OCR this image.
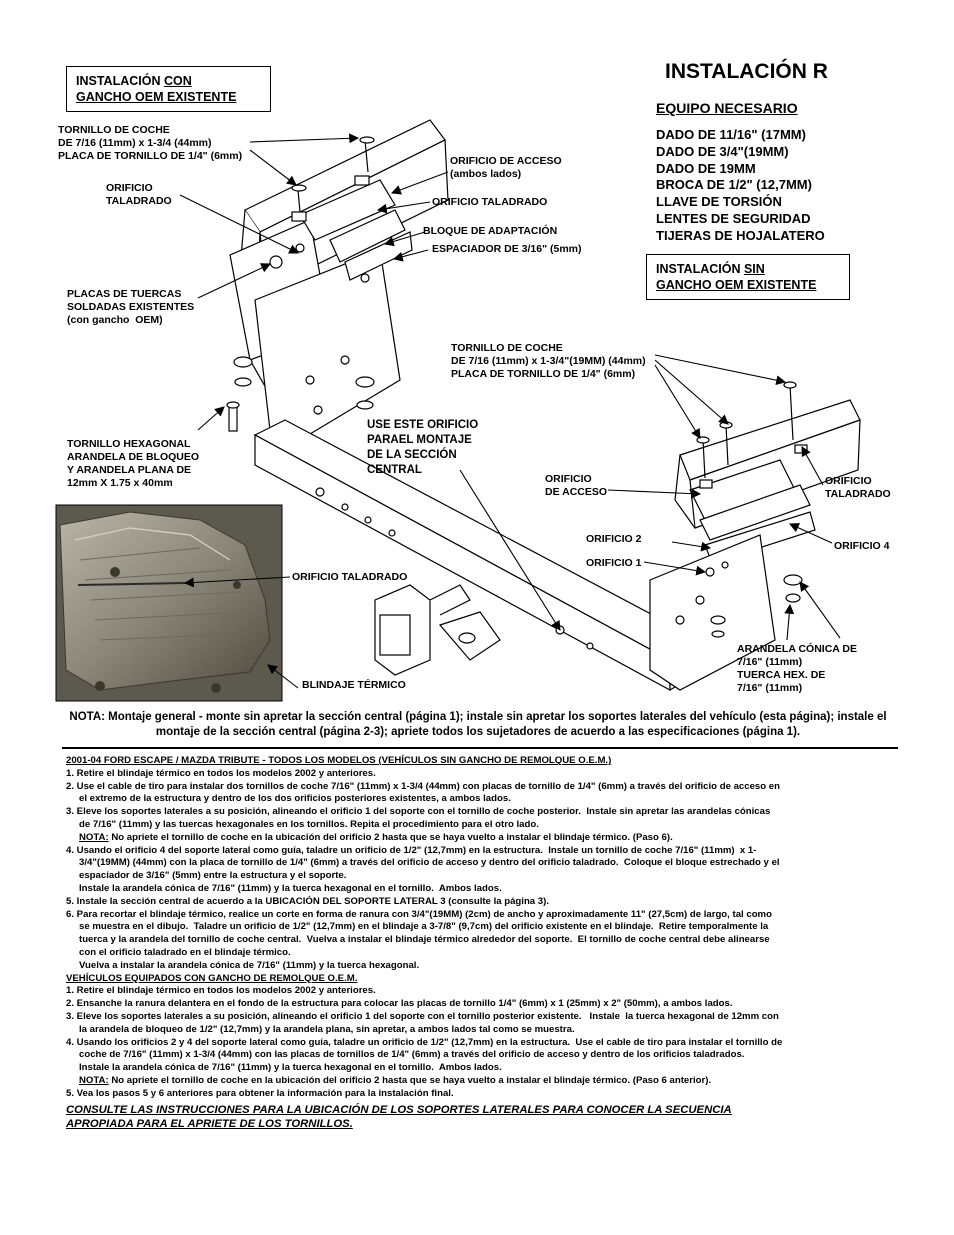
INSTALACIÓN CON
GANCHO OEM EXISTENTE
INSTALACIÓN R
EQUIPO NECESARIO
DADO DE 11/16" (17MM)
DADO DE 3/4"(19MM)
DADO DE 19MM
BROCA DE 1/2" (12,7MM)
LLAVE DE TORSIÓN
LENTES DE SEGURIDAD
TIJERAS DE HOJALATERO
INSTALACIÓN SIN
GANCHO OEM EXISTENTE
TORNILLO DE COCHE
DE 7/16 (11mm) x 1-3/4 (44mm)
PLACA DE TORNILLO DE 1/4" (6mm)	ORIFICIO DE ACCESO
(ambos lados)
ORIFICIO
TALADRADO	ORIFICIO TALADRADO
BLOQUE DE ADAPTACIÓN
ESPACIADOR DE 3/16" (5mm)
PLACAS DE TUERCAS
SOLDADAS EXISTENTES
(con gancho  OEM)
TORNILLO HEXAGONAL
ARANDELA DE BLOQUEO
Y ARANDELA PLANA DE
12mm X 1.75 x 40mm
USE ESTE ORIFICIO
PARAEL MONTAJE
DE LA SECCIÓN
CENTRAL
TORNILLO DE COCHE
DE 7/16 (11mm) x 1-3/4"(19MM) (44mm)
PLACA DE TORNILLO DE 1/4" (6mm)
ORIFICIO
DE ACCESO
ORIFICIO
TALADRADO
ORIFICIO 2
ORIFICIO 1
ORIFICIO 4
ORIFICIO TALADRADO
BLINDAJE TÉRMICO
ARANDELA CÓNICA DE
7/16" (11mm)
TUERCA HEX. DE
7/16" (11mm)
NOTA: Montaje general - monte sin apretar la sección central (página 1); instale sin apretar los soportes laterales del vehículo (esta página); instale el montaje de la sección central (página 2-3); apriete todos los sujetadores de acuerdo a las especificaciones (página 1).
2001-04 FORD ESCAPE / MAZDA TRIBUTE - TODOS LOS MODELOS (VEHÍCULOS SIN GANCHO DE REMOLQUE O.E.M.)
1. Retire el blindaje térmico en todos los modelos 2002 y anteriores.
2. Use el cable de tiro para instalar dos tornillos de coche 7/16" (11mm) x 1-3/4 (44mm) con placas de tornillo de 1/4" (6mm) a través del orificio de acceso en
el extremo de la estructura y dentro de los dos orificios posteriores existentes, a ambos lados.
3. Eleve los soportes laterales a su posición, alineando el orificio 1 del soporte con el tornillo de coche posterior.  Instale sin apretar las arandelas cónicas
de 7/16" (11mm) y las tuercas hexagonales en los tornillos. Repita el procedimiento para el otro lado.
NOTA: No apriete el tornillo de coche en la ubicación del orificio 2 hasta que se haya vuelto a instalar el blindaje térmico. (Paso 6).
4. Usando el orificio 4 del soporte lateral como guía, taladre un orificio de 1/2" (12,7mm) en la estructura.  Instale un tornillo de coche 7/16" (11mm)  x 1-
3/4"(19MM) (44mm) con la placa de tornillo de 1/4" (6mm) a través del orificio de acceso y dentro del orificio taladrado.  Coloque el bloque estrechado y el
espaciador de 3/16" (5mm) entre la estructura y el soporte.
Instale la arandela cónica de 7/16" (11mm) y la tuerca hexagonal en el tornillo.  Ambos lados.
5. Instale la sección central de acuerdo a la UBICACIÓN DEL SOPORTE LATERAL 3 (consulte la página 3).
6. Para recortar el blindaje térmico, realice un corte en forma de ranura con 3/4"(19MM) (2cm) de ancho y aproximadamente 11" (27,5cm) de largo, tal como
se muestra en el dibujo.  Taladre un orificio de 1/2" (12,7mm) en el blindaje a 3-7/8" (9,7cm) del orificio existente en el blindaje.  Retire temporalmente la
tuerca y la arandela del tornillo de coche central.  Vuelva a instalar el blindaje térmico alrededor del soporte.  El tornillo de coche central debe alinearse
con el orificio taladrado en el blindaje térmico.
Vuelva a instalar la arandela cónica de 7/16" (11mm) y la tuerca hexagonal.
VEHÍCULOS EQUIPADOS CON GANCHO DE REMOLQUE O.E.M.
1. Retire el blindaje térmico en todos los modelos 2002 y anteriores.
2. Ensanche la ranura delantera en el fondo de la estructura para colocar las placas de tornillo 1/4" (6mm) x 1 (25mm) x 2" (50mm), a ambos lados.
3. Eleve los soportes laterales a su posición, alineando el orificio 1 del soporte con el tornillo posterior existente.   Instale  la tuerca hexagonal de 12mm con
la arandela de bloqueo de 1/2" (12,7mm) y la arandela plana, sin apretar, a ambos lados tal como se muestra.
4. Usando los orificios 2 y 4 del soporte lateral como guía, taladre un orificio de 1/2" (12,7mm) en la estructura.  Use el cable de tiro para instalar el tornillo de
coche de 7/16" (11mm) x 1-3/4 (44mm) con las placas de tornillos de 1/4" (6mm) a través del orificio de acceso y dentro de los orificios taladrados.
Instale la arandela cónica de 7/16" (11mm) y la tuerca hexagonal en el tornillo.  Ambos lados.
NOTA: No apriete el tornillo de coche en la ubicación del orificio 2 hasta que se haya vuelto a instalar el blindaje térmico. (Paso 6 anterior).
5. Vea los pasos 5 y 6 anteriores para obtener la información para la instalación final.
CONSULTE LAS INSTRUCCIONES PARA LA UBICACIÓN DE LOS SOPORTES LATERALES PARA CONOCER LA SECUENCIA
APROPIADA PARA EL APRIETE DE LOS TORNILLOS.
